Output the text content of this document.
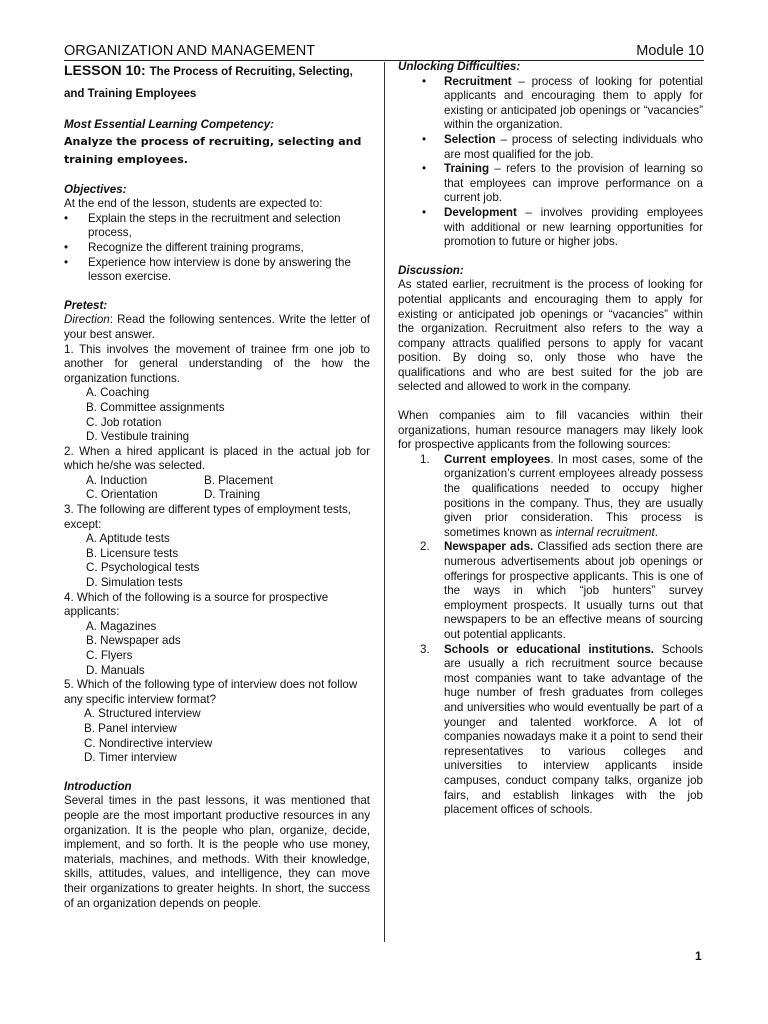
ORGANIZATION AND MANAGEMENT	Module 10

LESSON 10: The Process of Recruiting, Selecting, and Training Employees

Most Essential Learning Competency:

Analyze the process of recruiting, selecting and training employees.

Objectives:

At the end of the lesson, students are expected to:

• Explain the steps in the recruitment and selection process,
• Recognize the different training programs,
• Experience how interview is done by answering the lesson exercise.

Pretest:

Direction: Read the following sentences. Write the letter of your best answer.

1. This involves the movement of trainee frm one job to another for general understanding of the how the organization functions.

A. Coaching
B. Committee assignments
C. Job rotation
D. Vestibule training

2. When a hired applicant is placed in the actual job for which he/she was selected.

A. Induction	B. Placement
C. Orientation	D. Training

3. The following are different types of employment tests, except:

A. Aptitude tests
B. Licensure tests
C. Psychological tests
D. Simulation tests

4. Which of the following is a source for prospective applicants:

A. Magazines
B. Newspaper ads
C. Flyers
D. Manuals

5. Which of the following type of interview does not follow any specific interview format?

A. Structured interview
B. Panel interview
C. Nondirective interview
D. Timer interview

Introduction

Several times in the past lessons, it was mentioned that people are the most important productive resources in any organization. It is the people who plan, organize, decide, implement, and so forth. It is the people who use money, materials, machines, and methods. With their knowledge, skills, attitudes, values, and intelligence, they can move their organizations to greater heights. In short, the success of an organization depends on people.

Unlocking Difficulties:

• Recruitment – process of looking for potential applicants and encouraging them to apply for existing or anticipated job openings or “vacancies” within the organization.
• Selection – process of selecting individuals who are most qualified for the job.
• Training – refers to the provision of learning so that employees can improve performance on a current job.
• Development – involves providing employees with additional or new learning opportunities for promotion to future or higher jobs.

Discussion:

As stated earlier, recruitment is the process of looking for potential applicants and encouraging them to apply for existing or anticipated job openings or “vacancies” within the organization. Recruitment also refers to the way a company attracts qualified persons to apply for vacant position. By doing so, only those who have the qualifications and who are best suited for the job are selected and allowed to work in the company.

When companies aim to fill vacancies within their organizations, human resource managers may likely look for prospective applicants from the following sources:

1. Current employees. In most cases, some of the organization’s current employees already possess the qualifications needed to occupy higher positions in the company. Thus, they are usually given prior consideration. This process is sometimes known as internal recruitment.
2. Newspaper ads. Classified ads section there are numerous advertisements about job openings or offerings for prospective applicants. This is one of the ways in which “job hunters” survey employment prospects. It usually turns out that newspapers to be an effective means of sourcing out potential applicants.
3. Schools or educational institutions. Schools are usually a rich recruitment source because most companies want to take advantage of the huge number of fresh graduates from colleges and universities who would eventually be part of a younger and talented workforce. A lot of companies nowadays make it a point to send their representatives to various colleges and universities to interview applicants inside campuses, conduct company talks, organize job fairs, and establish linkages with the job placement offices of schools.
1
